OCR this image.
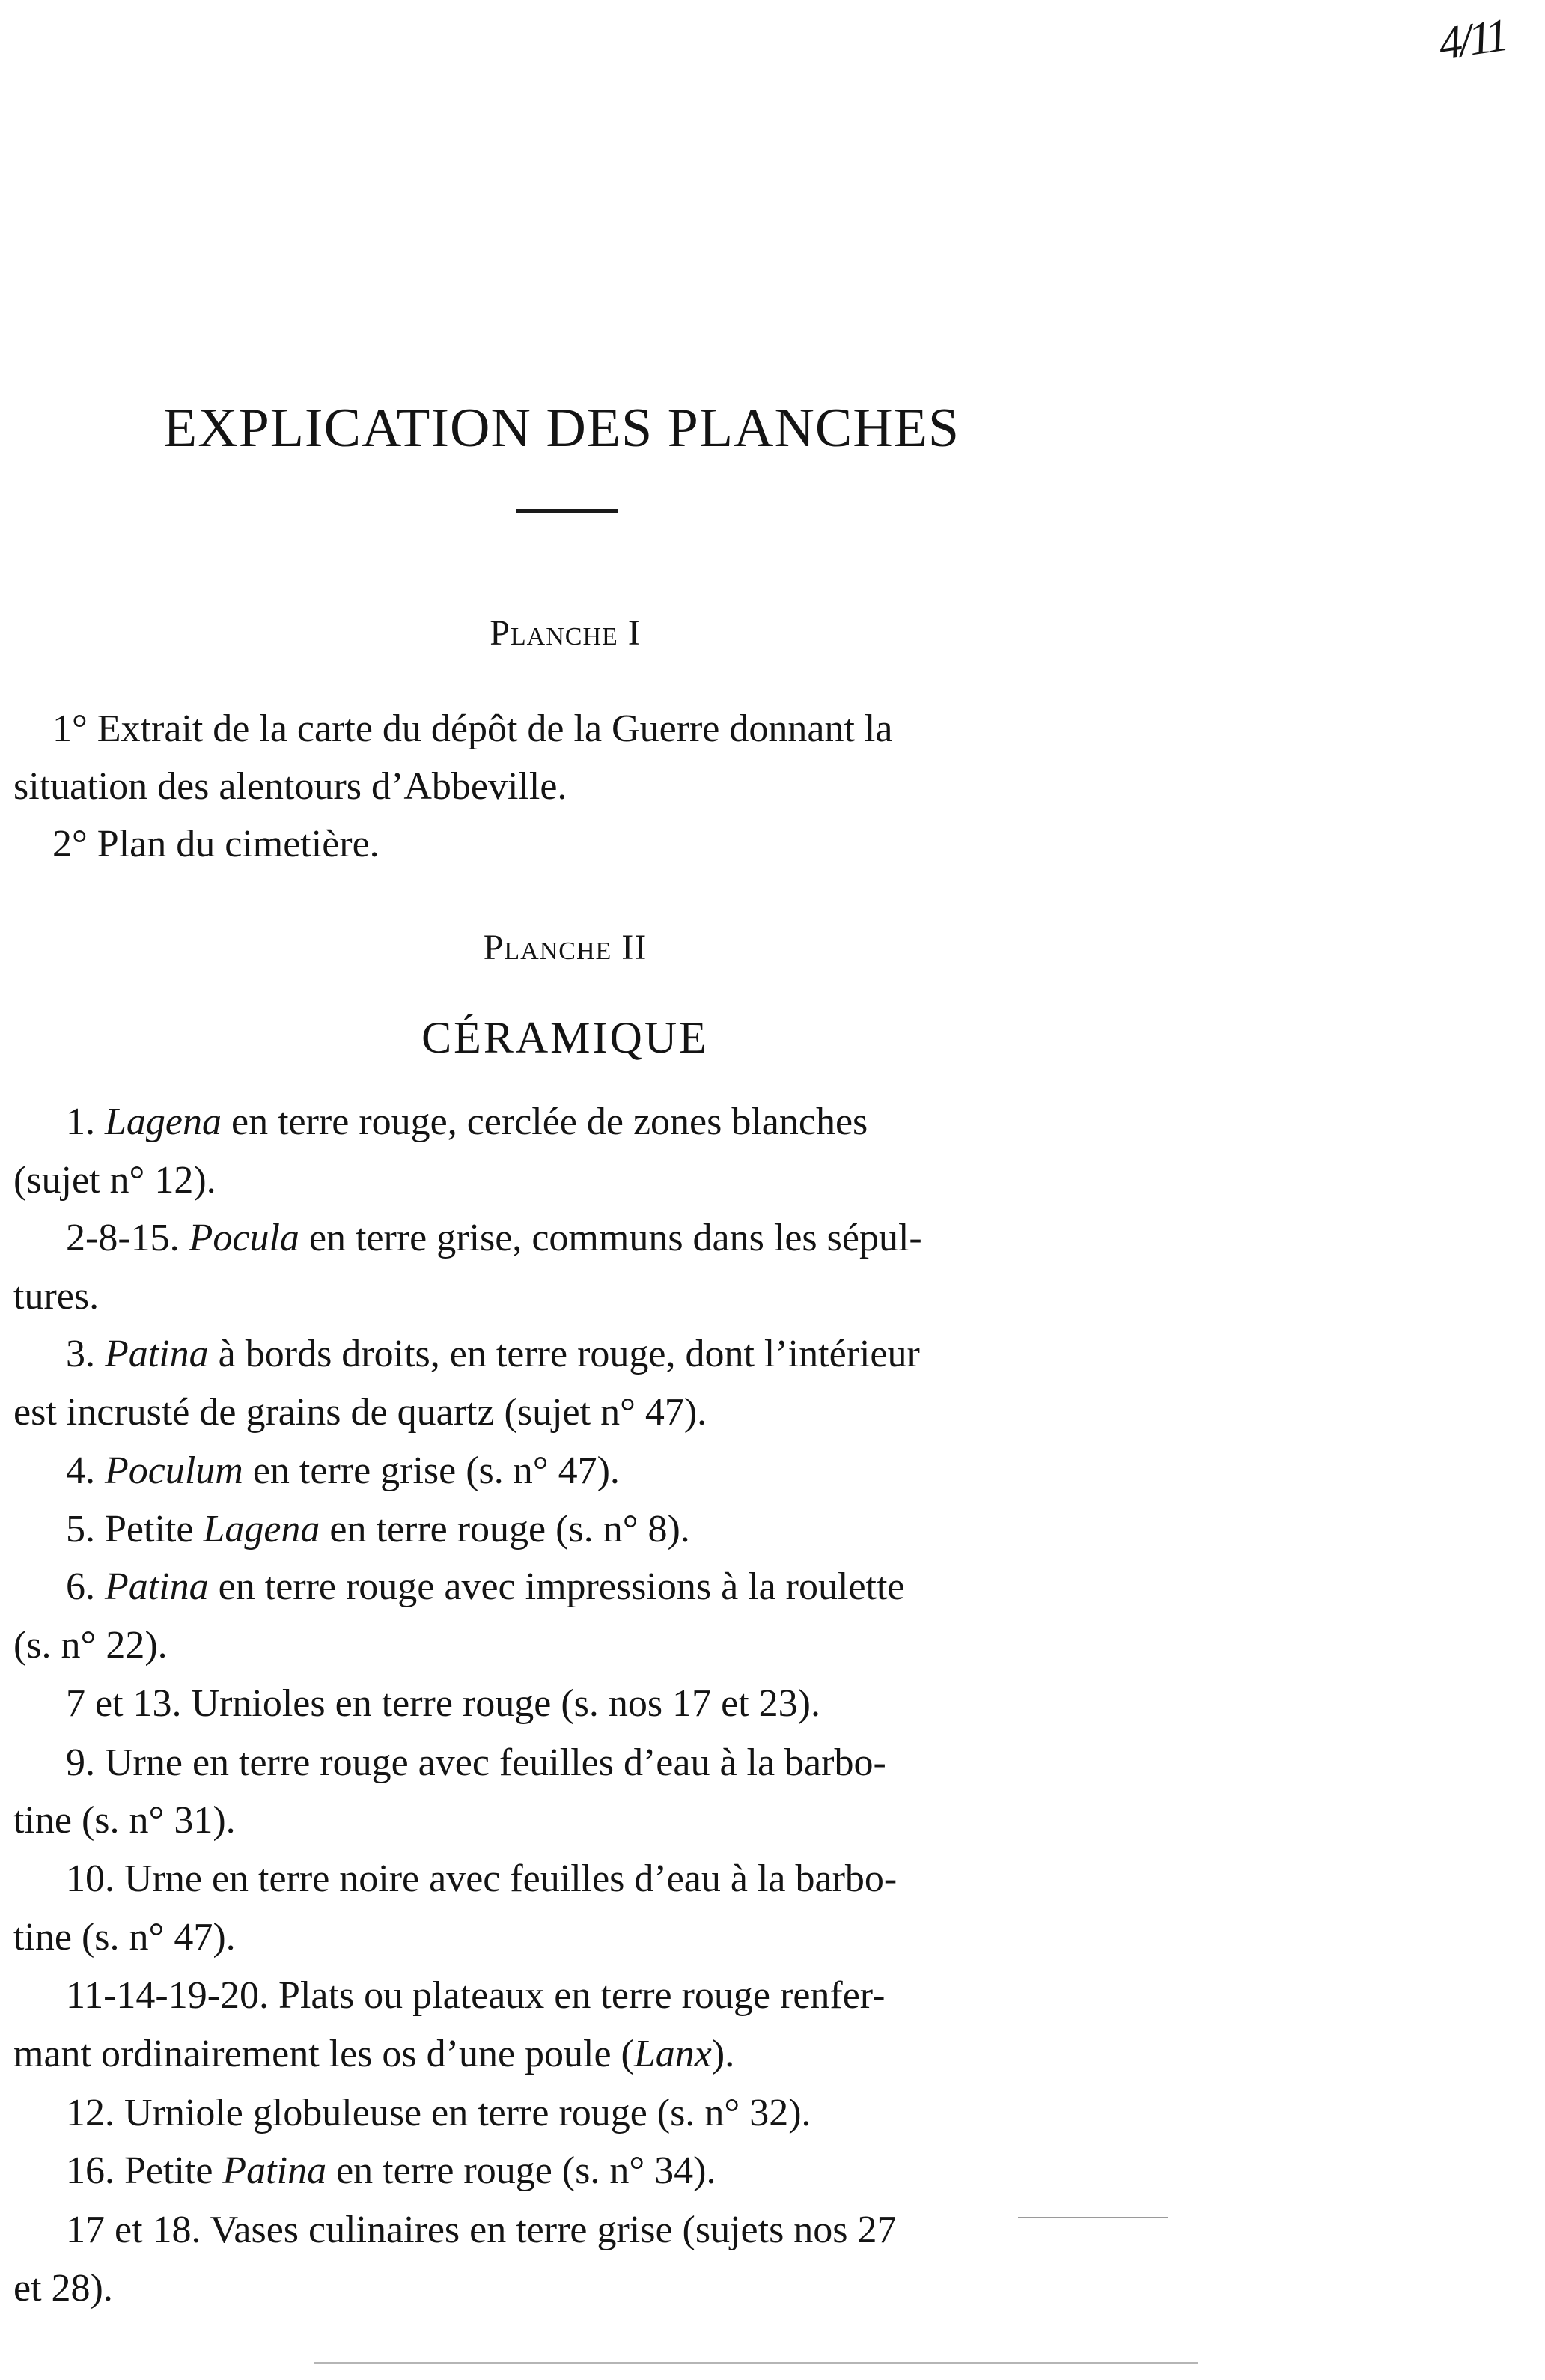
4/11
EXPLICATION DES PLANCHES
Planche I
1° Extrait de la carte du dépôt de la Guerre donnant la
situation des alentours d’Abbeville.
2° Plan du cimetière.
Planche II
CÉRAMIQUE
1. Lagena en terre rouge, cerclée de zones blanches
(sujet n° 12).
2-8-15. Pocula en terre grise, communs dans les sépul-
tures.
3. Patina à bords droits, en terre rouge, dont l’intérieur
est incrusté de grains de quartz (sujet n° 47).
4. Poculum en terre grise (s. n° 47).
5. Petite Lagena en terre rouge (s. n° 8).
6. Patina en terre rouge avec impressions à la roulette
(s. n° 22).
7 et 13. Urnioles en terre rouge (s. nos 17 et 23).
9. Urne en terre rouge avec feuilles d’eau à la barbo-
tine (s. n° 31).
10. Urne en terre noire avec feuilles d’eau à la barbo-
tine (s. n° 47).
11-14-19-20. Plats ou plateaux en terre rouge renfer-
mant ordinairement les os d’une poule (Lanx).
12. Urniole globuleuse en terre rouge (s. n° 32).
16. Petite Patina en terre rouge (s. n° 34).
17 et 18. Vases culinaires en terre grise (sujets nos 27
et 28).
